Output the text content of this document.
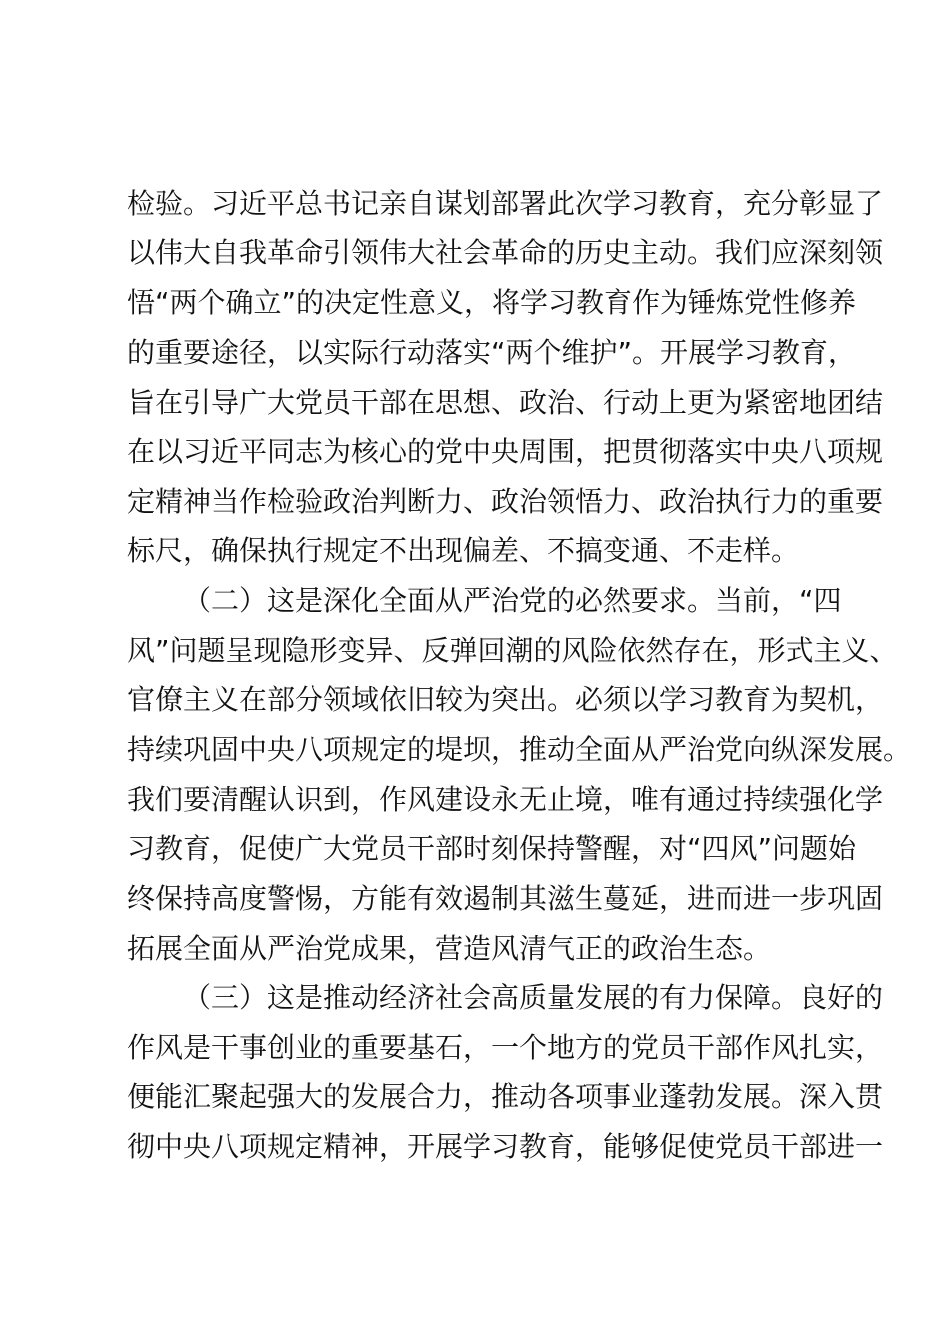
检验。习近平总书记亲自谋划部署此次学习教育，充分彰显了
以伟大自我革命引领伟大社会革命的历史主动。我们应深刻领
悟“两个确立”的决定性意义，将学习教育作为锤炼党性修养
的重要途径，以实际行动落实“两个维护”。开展学习教育，
旨在引导广大党员干部在思想、政治、行动上更为紧密地团结
在以习近平同志为核心的党中央周围，把贯彻落实中央八项规
定精神当作检验政治判断力、政治领悟力、政治执行力的重要
标尺，确保执行规定不出现偏差、不搞变通、不走样。
（二）这是深化全面从严治党的必然要求。当前，“四
风”问题呈现隐形变异、反弹回潮的风险依然存在，形式主义、
官僚主义在部分领域依旧较为突出。必须以学习教育为契机，
持续巩固中央八项规定的堤坝，推动全面从严治党向纵深发展。
我们要清醒认识到，作风建设永无止境，唯有通过持续强化学
习教育，促使广大党员干部时刻保持警醒，对“四风”问题始
终保持高度警惕，方能有效遏制其滋生蔓延，进而进一步巩固
拓展全面从严治党成果，营造风清气正的政治生态。
（三）这是推动经济社会高质量发展的有力保障。良好的
作风是干事创业的重要基石，一个地方的党员干部作风扎实，
便能汇聚起强大的发展合力，推动各项事业蓬勃发展。深入贯
彻中央八项规定精神，开展学习教育，能够促使党员干部进一
